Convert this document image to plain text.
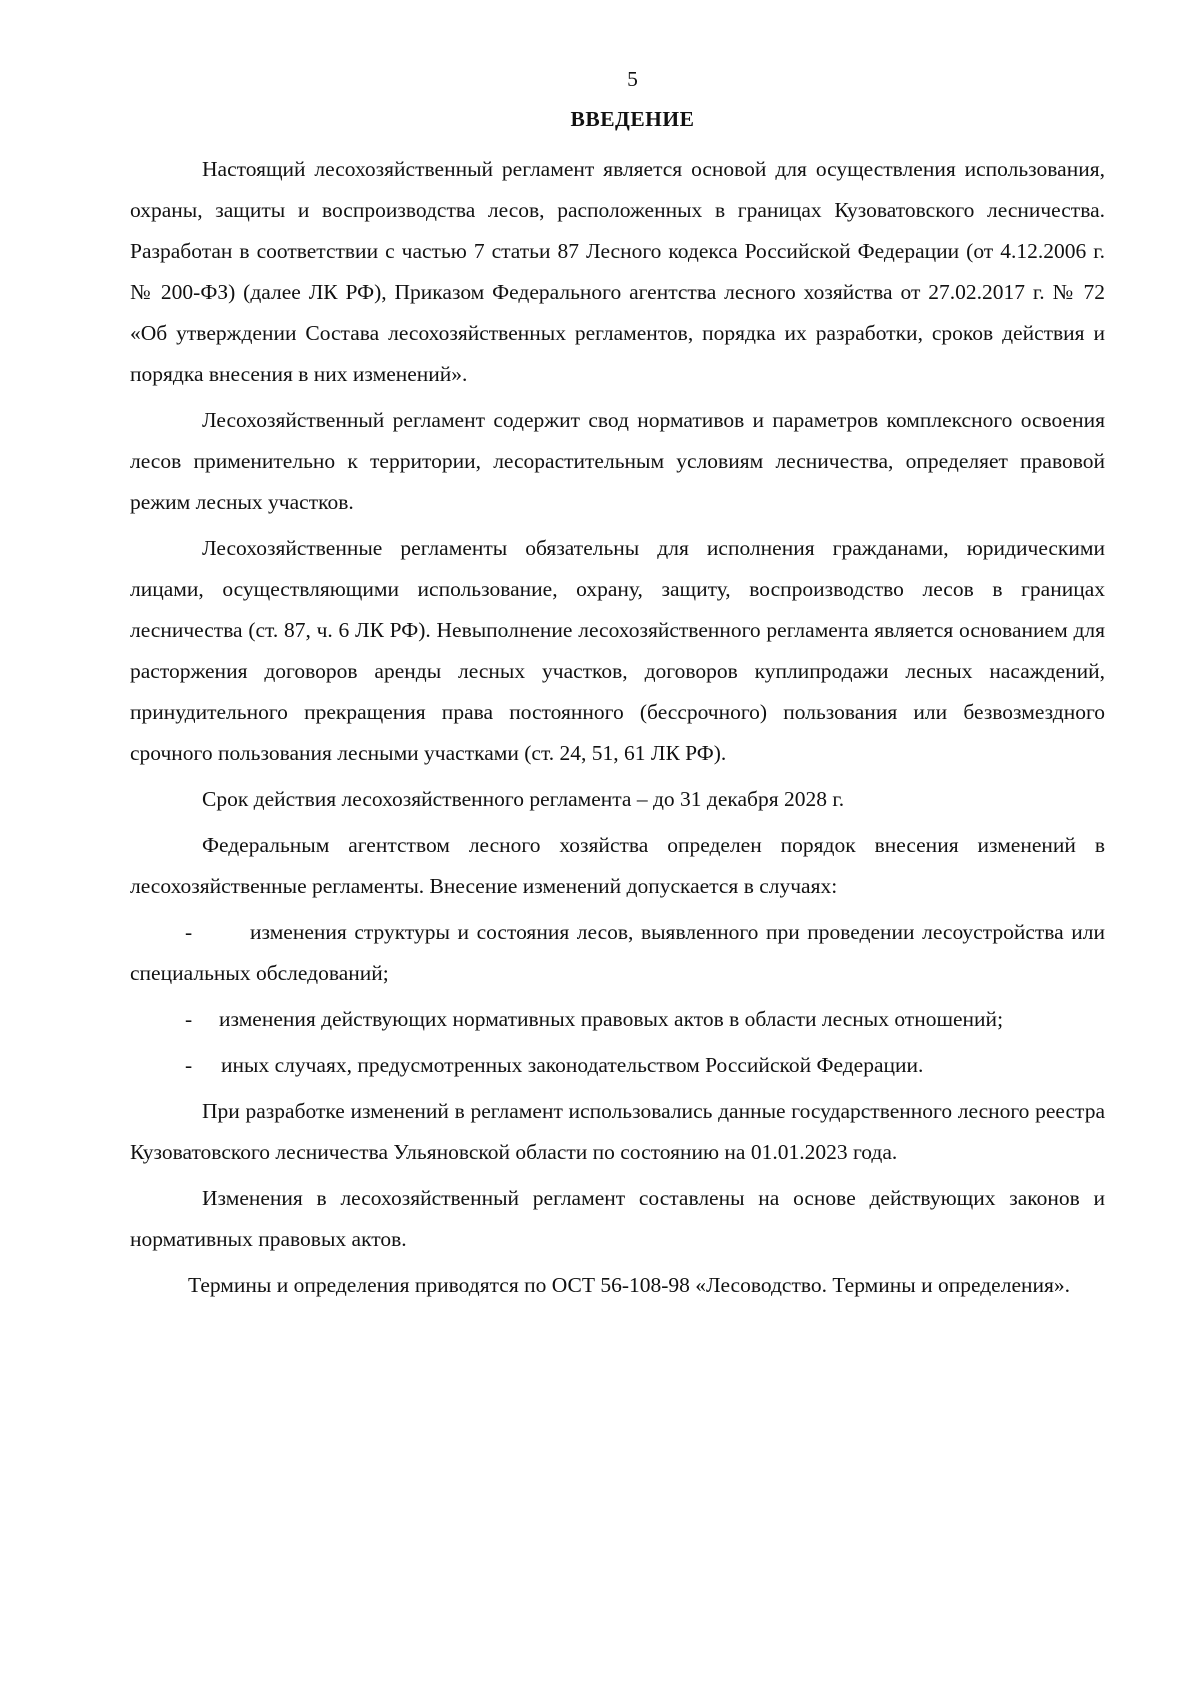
5
ВВЕДЕНИЕ

Настоящий лесохозяйственный регламент является основой для осуществления использования, охраны, защиты и воспроизводства лесов, расположенных в границах Кузоватовского лесничества. Разработан в соответствии с частью 7 статьи 87 Лесного кодекса Российской Федерации (от 4.12.2006 г. № 200-ФЗ) (далее ЛК РФ), Приказом Федерального агентства лесного хозяйства от 27.02.2017 г. № 72 «Об утверждении Состава лесохозяйственных регламентов, порядка их разработки, сроков действия и порядка внесения в них изменений».

Лесохозяйственный регламент содержит свод нормативов и параметров комплексного освоения лесов применительно к территории, лесорастительным условиям лесничества, определяет правовой режим лесных участков.

Лесохозяйственные регламенты обязательны для исполнения гражданами, юридическими лицами, осуществляющими использование, охрану, защиту, воспроизводство лесов в границах лесничества (ст. 87, ч. 6 ЛК РФ). Невыполнение лесохозяйственного регламента является основанием для расторжения договоров аренды лесных участков, договоров куплипродажи лесных насаждений, принудительного прекращения права постоянного (бессрочного) пользования или безвозмездного срочного пользования лесными участками (ст. 24, 51, 61 ЛК РФ).

Срок действия лесохозяйственного регламента – до 31 декабря 2028 г.

Федеральным агентством лесного хозяйства определен порядок внесения изменений в лесохозяйственные регламенты. Внесение изменений допускается в случаях:

-	изменения структуры и состояния лесов, выявленного при проведении лесоустройства или специальных обследований;

- изменения действующих нормативных правовых актов в области лесных отношений;

- иных случаях, предусмотренных законодательством Российской Федерации.

При разработке изменений в регламент использовались данные государственного лесного реестра Кузоватовского лесничества Ульяновской области по состоянию на 01.01.2023 года.

Изменения в лесохозяйственный регламент составлены на основе действующих законов и нормативных правовых актов.

Термины и определения приводятся по ОСТ 56-108-98 «Лесоводство. Термины и определения».
